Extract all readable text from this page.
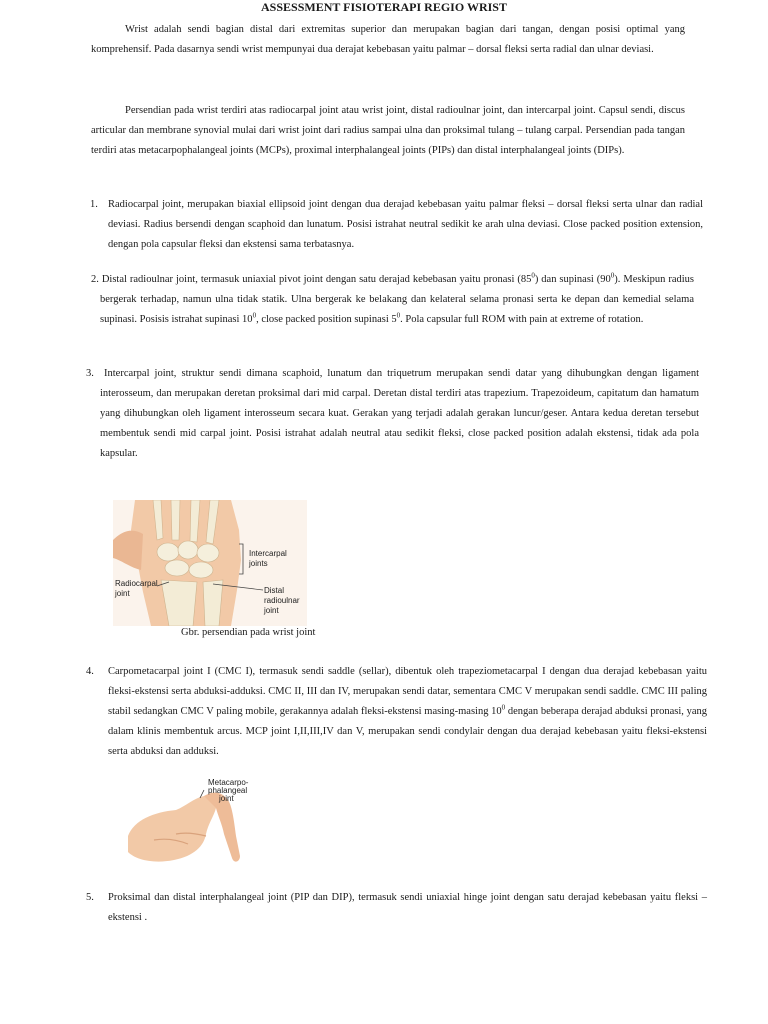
ASSESSMENT FISIOTERAPI REGIO WRIST

Wrist adalah sendi bagian distal dari extremitas superior dan merupakan bagian dari tangan, dengan posisi optimal yang komprehensif. Pada dasarnya sendi wrist mempunyai dua derajat kebebasan yaitu palmar – dorsal fleksi serta radial dan ulnar deviasi.

Persendian pada wrist terdiri atas radiocarpal joint atau wrist joint, distal radioulnar joint, dan intercarpal joint. Capsul sendi, discus articular dan membrane synovial mulai dari wrist joint dari radius sampai ulna dan proksimal tulang – tulang carpal. Persendian pada tangan terdiri atas metacarpophalangeal joints (MCPs), proximal interphalangeal joints (PIPs) dan distal interphalangeal joints (DIPs).

1. Radiocarpal joint, merupakan biaxial ellipsoid joint dengan dua derajad kebebasan yaitu palmar fleksi – dorsal fleksi serta ulnar dan radial deviasi. Radius bersendi dengan scaphoid dan lunatum. Posisi istrahat neutral sedikit ke arah ulna deviasi. Close packed position extension, dengan pola capsular fleksi dan ekstensi sama terbatasnya.

2. Distal radioulnar joint, termasuk uniaxial pivot joint dengan satu derajad kebebasan yaitu pronasi $(85^0)$ dan supinasi $(90^0)$. Meskipun radius bergerak terhadap, namun ulna tidak statik. Ulna bergerak ke belakang dan kelateral selama pronasi serta ke depan dan kemedial selama supinasi. Posisis istrahat supinasi $10^0$, close packed position supinasi $5^0$. Pola capsular full ROM with pain at extreme of rotation.

3. Intercarpal joint, struktur sendi dimana scaphoid, lunatum dan triquetrum merupakan sendi datar yang dihubungkan dengan ligament interosseum, dan merupakan deretan proksimal dari mid carpal. Deretan distal terdiri atas trapezium. Trapezoideum, capitatum dan hamatum yang dihubungkan oleh ligament interosseum secara kuat. Gerakan yang terjadi adalah gerakan luncur/geser. Antara kedua deretan tersebut membentuk sendi mid carpal joint. Posisi istrahat adalah neutral atau sedikit fleksi, close packed position adalah ekstensi, tidak ada pola kapsular.

Intercarpal
joints
Radiocarpal
joint	Distal
radioulnar
joint
Gbr. persendian pada wrist joint

4. Carpometacarpal joint I (CMC I), termasuk sendi saddle (sellar), dibentuk oleh trapeziometacarpal I dengan dua derajad kebebasan yaitu fleksi-ekstensi serta abduksi-adduksi. CMC II, III dan IV, merupakan sendi datar, sementara CMC V merupakan sendi saddle. CMC III paling stabil sedangkan CMC V paling mobile, gerakannya adalah fleksi-ekstensi masing-masing $10^0$ dengan beberapa derajad abduksi pronasi, yang dalam klinis membentuk arcus. MCP joint I,II,III,IV dan V, merupakan sendi condylair dengan dua derajad kebebasan yaitu fleksi-ekstensi serta abduksi dan adduksi.

Metacarpo-
phalangeal
joint

5. Proksimal dan distal interphalangeal joint (PIP dan DIP), termasuk sendi uniaxial hinge joint dengan satu derajad kebebasan yaitu fleksi – ekstensi .
